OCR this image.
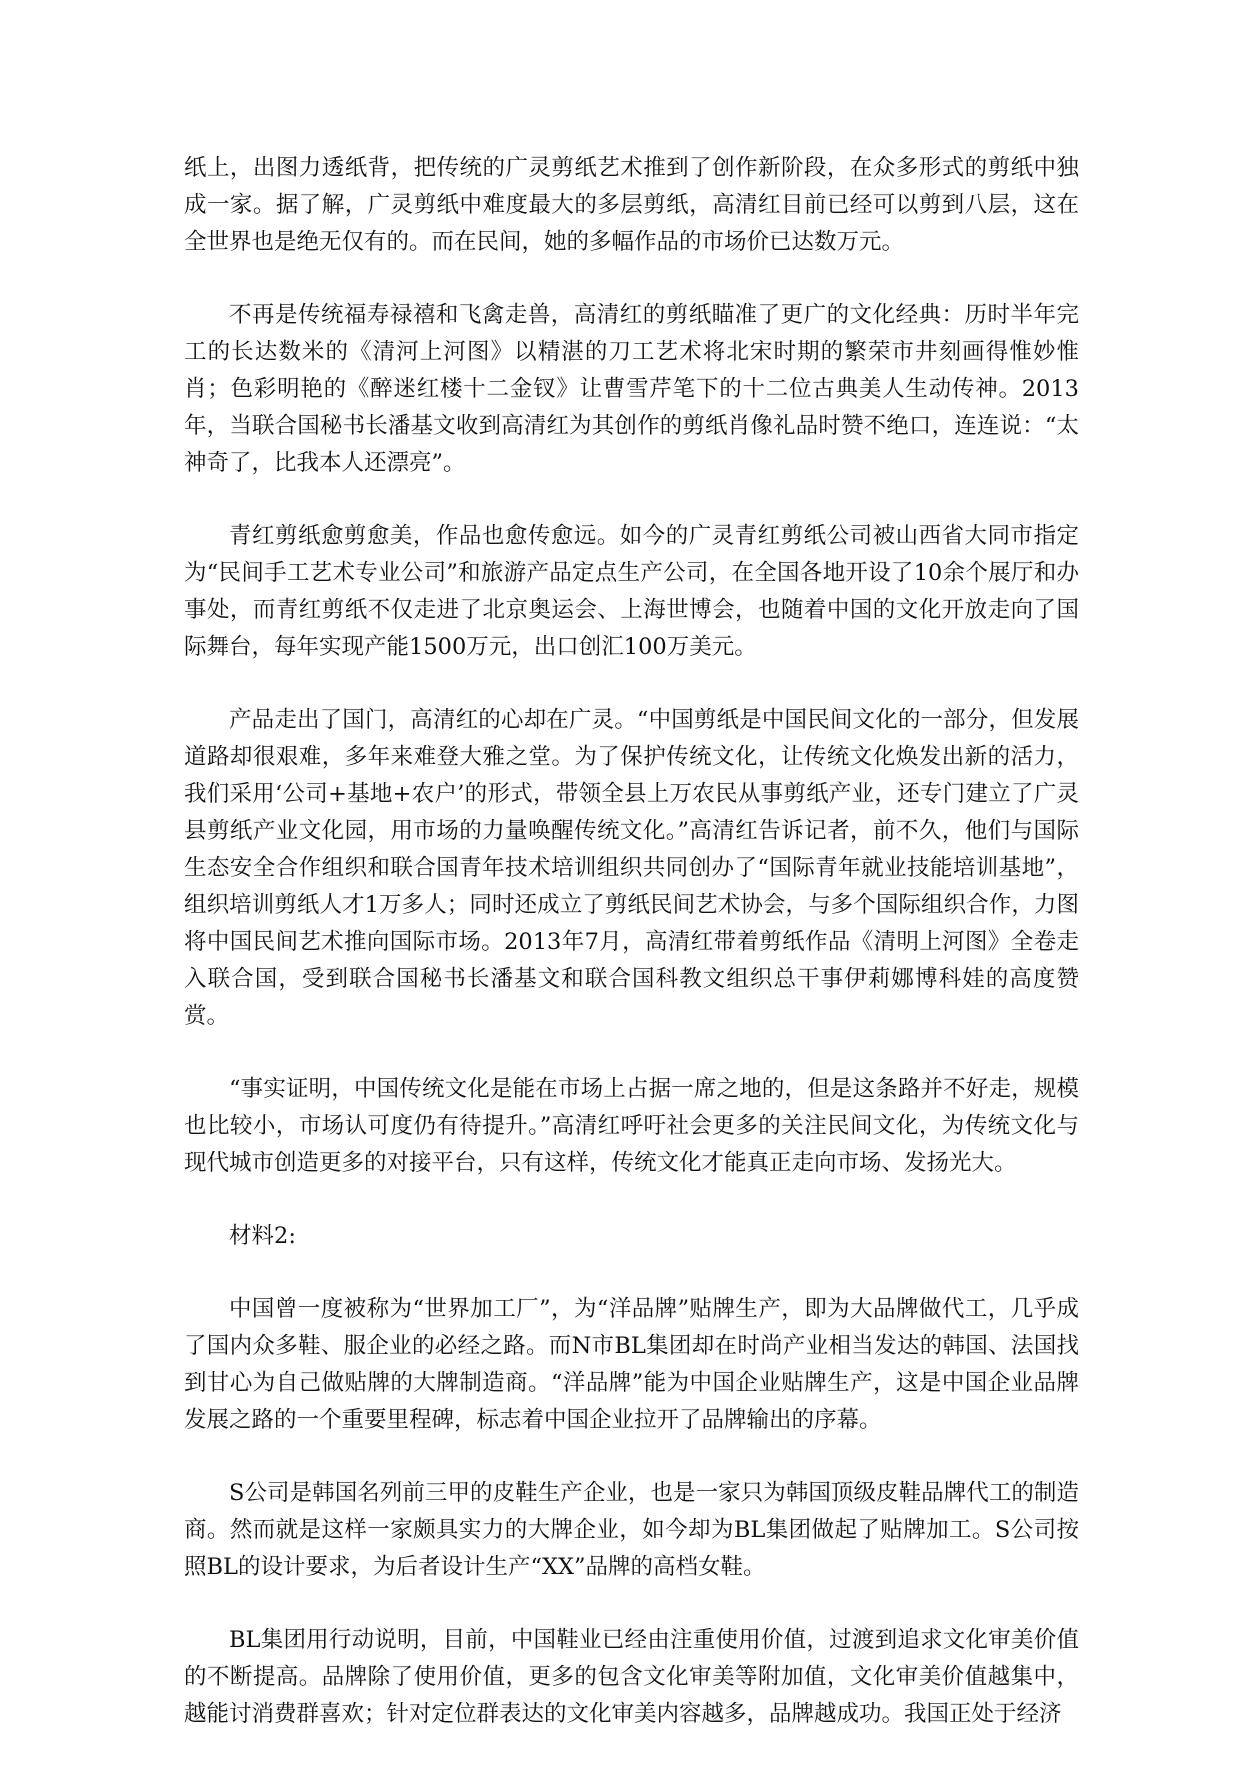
纸上，出图力透纸背，把传统的广灵剪纸艺术推到了创作新阶段，在众多形式的剪纸中独成一家。据了解，广灵剪纸中难度最大的多层剪纸，高清红目前已经可以剪到八层，这在全世界也是绝无仅有的。而在民间，她的多幅作品的市场价已达数万元。

不再是传统福寿禄禧和飞禽走兽，高清红的剪纸瞄准了更广的文化经典：历时半年完工的长达数米的《清河上河图》以精湛的刀工艺术将北宋时期的繁荣市井刻画得惟妙惟肖；色彩明艳的《醉迷红楼十二金钗》让曹雪芹笔下的十二位古典美人生动传神。2013年，当联合国秘书长潘基文收到高清红为其创作的剪纸肖像礼品时赞不绝口，连连说：“太神奇了，比我本人还漂亮”。

青红剪纸愈剪愈美，作品也愈传愈远。如今的广灵青红剪纸公司被山西省大同市指定为“民间手工艺术专业公司”和旅游产品定点生产公司，在全国各地开设了10余个展厅和办事处，而青红剪纸不仅走进了北京奥运会、上海世博会，也随着中国的文化开放走向了国际舞台，每年实现产能1500万元，出口创汇100万美元。

产品走出了国门，高清红的心却在广灵。“中国剪纸是中国民间文化的一部分，但发展道路却很艰难，多年来难登大雅之堂。为了保护传统文化，让传统文化焕发出新的活力，我们采用‘公司+基地+农户’的形式，带领全县上万农民从事剪纸产业，还专门建立了广灵县剪纸产业文化园，用市场的力量唤醒传统文化。”高清红告诉记者，前不久，他们与国际生态安全合作组织和联合国青年技术培训组织共同创办了“国际青年就业技能培训基地”，组织培训剪纸人才1万多人；同时还成立了剪纸民间艺术协会，与多个国际组织合作，力图将中国民间艺术推向国际市场。2013年7月，高清红带着剪纸作品《清明上河图》全卷走入联合国，受到联合国秘书长潘基文和联合国科教文组织总干事伊莉娜博科娃的高度赞赏。

“事实证明，中国传统文化是能在市场上占据一席之地的，但是这条路并不好走，规模也比较小，市场认可度仍有待提升。”高清红呼吁社会更多的关注民间文化，为传统文化与现代城市创造更多的对接平台，只有这样，传统文化才能真正走向市场、发扬光大。

材料2:

中国曾一度被称为“世界加工厂”，为“洋品牌”贴牌生产，即为大品牌做代工，几乎成了国内众多鞋、服企业的必经之路。而N市BL集团却在时尚产业相当发达的韩国、法国找到甘心为自己做贴牌的大牌制造商。“洋品牌”能为中国企业贴牌生产，这是中国企业品牌发展之路的一个重要里程碑，标志着中国企业拉开了品牌输出的序幕。

S公司是韩国名列前三甲的皮鞋生产企业，也是一家只为韩国顶级皮鞋品牌代工的制造商。然而就是这样一家颇具实力的大牌企业，如今却为BL集团做起了贴牌加工。S公司按照BL的设计要求，为后者设计生产“XX”品牌的高档女鞋。

BL集团用行动说明，目前，中国鞋业已经由注重使用价值，过渡到追求文化审美价值的不断提高。品牌除了使用价值，更多的包含文化审美等附加值，文化审美价值越集中，越能讨消费群喜欢；针对定位群表达的文化审美内容越多，品牌越成功。我国正处于经济
